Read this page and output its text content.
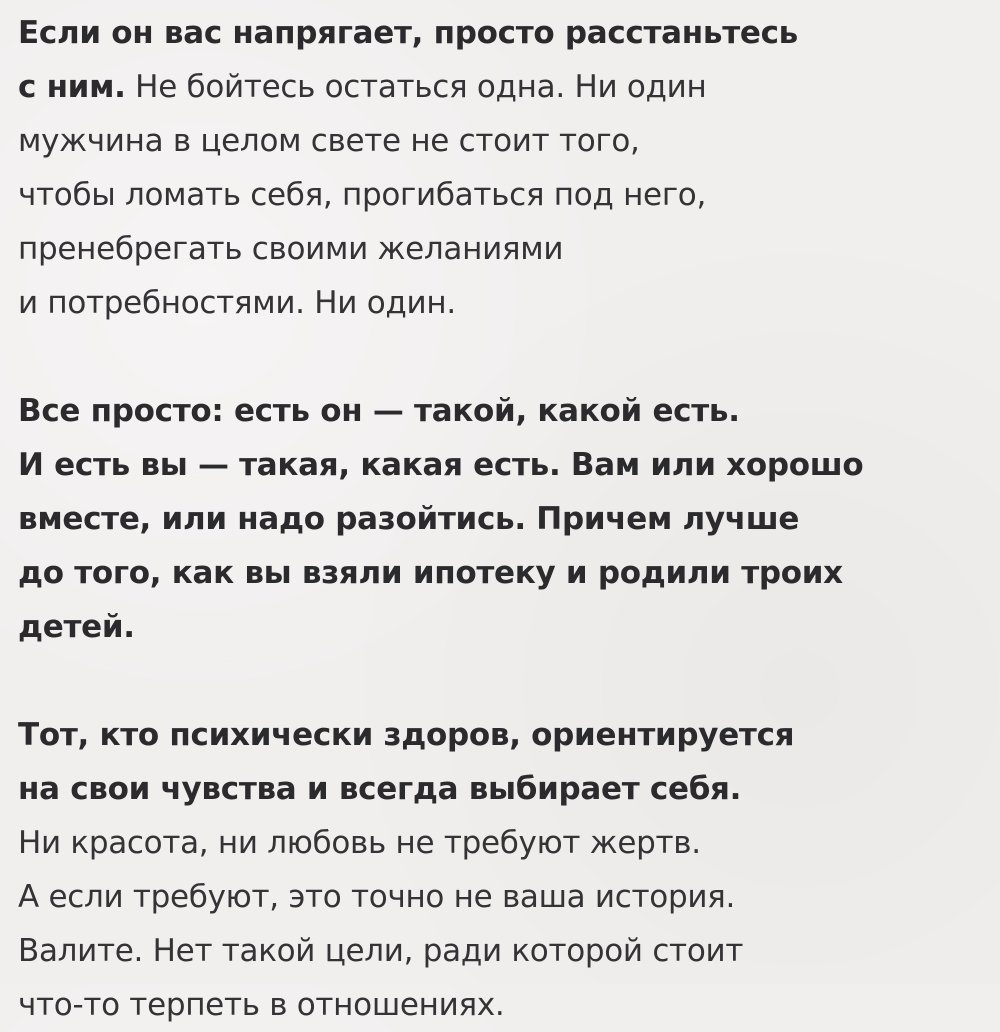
Если он вас напрягает, просто расстаньтесь
с ним. Не бойтесь остаться одна. Ни один
мужчина в целом свете не стоит того,
чтобы ломать себя, прогибаться под него,
пренебрегать своими желаниями
и потребностями. Ни один.

Все просто: есть он — такой, какой есть.
И есть вы — такая, какая есть. Вам или хорошо
вместе, или надо разойтись. Причем лучше
до того, как вы взяли ипотеку и родили троих
детей.

Тот, кто психически здоров, ориентируется
на свои чувства и всегда выбирает себя.
Ни красота, ни любовь не требуют жертв.
А если требуют, это точно не ваша история.
Валите. Нет такой цели, ради которой стоит
что-то терпеть в отношениях.
